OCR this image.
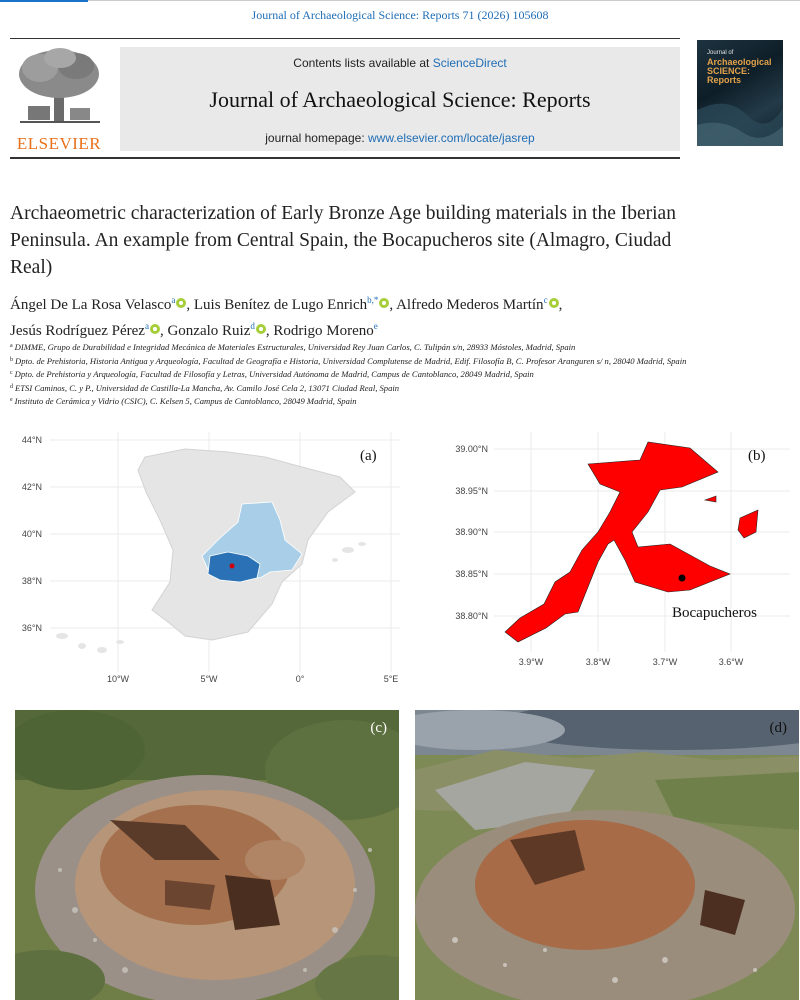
Journal of Archaeological Science: Reports 71 (2026) 105608
ELSEVIER
Contents lists available at ScienceDirect
Journal of Archaeological Science: Reports
journal homepage: www.elsevier.com/locate/jasrep
Journal of
Archaeological SCIENCE: Reports
Archaeometric characterization of Early Bronze Age building materials in the Iberian Peninsula. An example from Central Spain, the Bocapucheros site (Almagro, Ciudad Real)
Ángel De La Rosa Velasco$^a$ , Luis Benítez de Lugo Enrich$^{b,*}$ , Alfredo Mederos Martín$^c$ ,
Jesús Rodríguez Pérez$^a$ , Gonzalo Ruiz$^d$ , Rodrigo Moreno$^e$
$^a$ DIMME, Grupo de Durabilidad e Integridad Mecánica de Materiales Estructurales, Universidad Rey Juan Carlos, C. Tulipán s/n, 28933 Móstoles, Madrid, Spain
$^b$ Dpto. de Prehistoria, Historia Antigua y Arqueología, Facultad de Geografía e Historia, Universidad Complutense de Madrid, Edif. Filosofía B, C. Profesor Aranguren s/ n, 28040 Madrid, Spain
$^c$ Dpto. de Prehistoria y Arqueología, Facultad de Filosofía y Letras, Universidad Autónoma de Madrid, Campus de Cantoblanco, 28049 Madrid, Spain
$^d$ ETSI Caminos, C. y P., Universidad de Castilla-La Mancha, Av. Camilo José Cela 2, 13071 Ciudad Real, Spain
$^e$ Instituto de Cerámica y Vidrio (CSIC), C. Kelsen 5, Campus de Cantoblanco, 28049 Madrid, Spain
44°N
42°N
40°N
38°N
36°N
10°W	5°W	0°	5°E
(a)
Bocapucheros
39.00°N
38.95°N
38.90°N
38.85°N
38.80°N
3.9°W	3.8°W	3.7°W	3.6°W
(b)
(c)	(d)
